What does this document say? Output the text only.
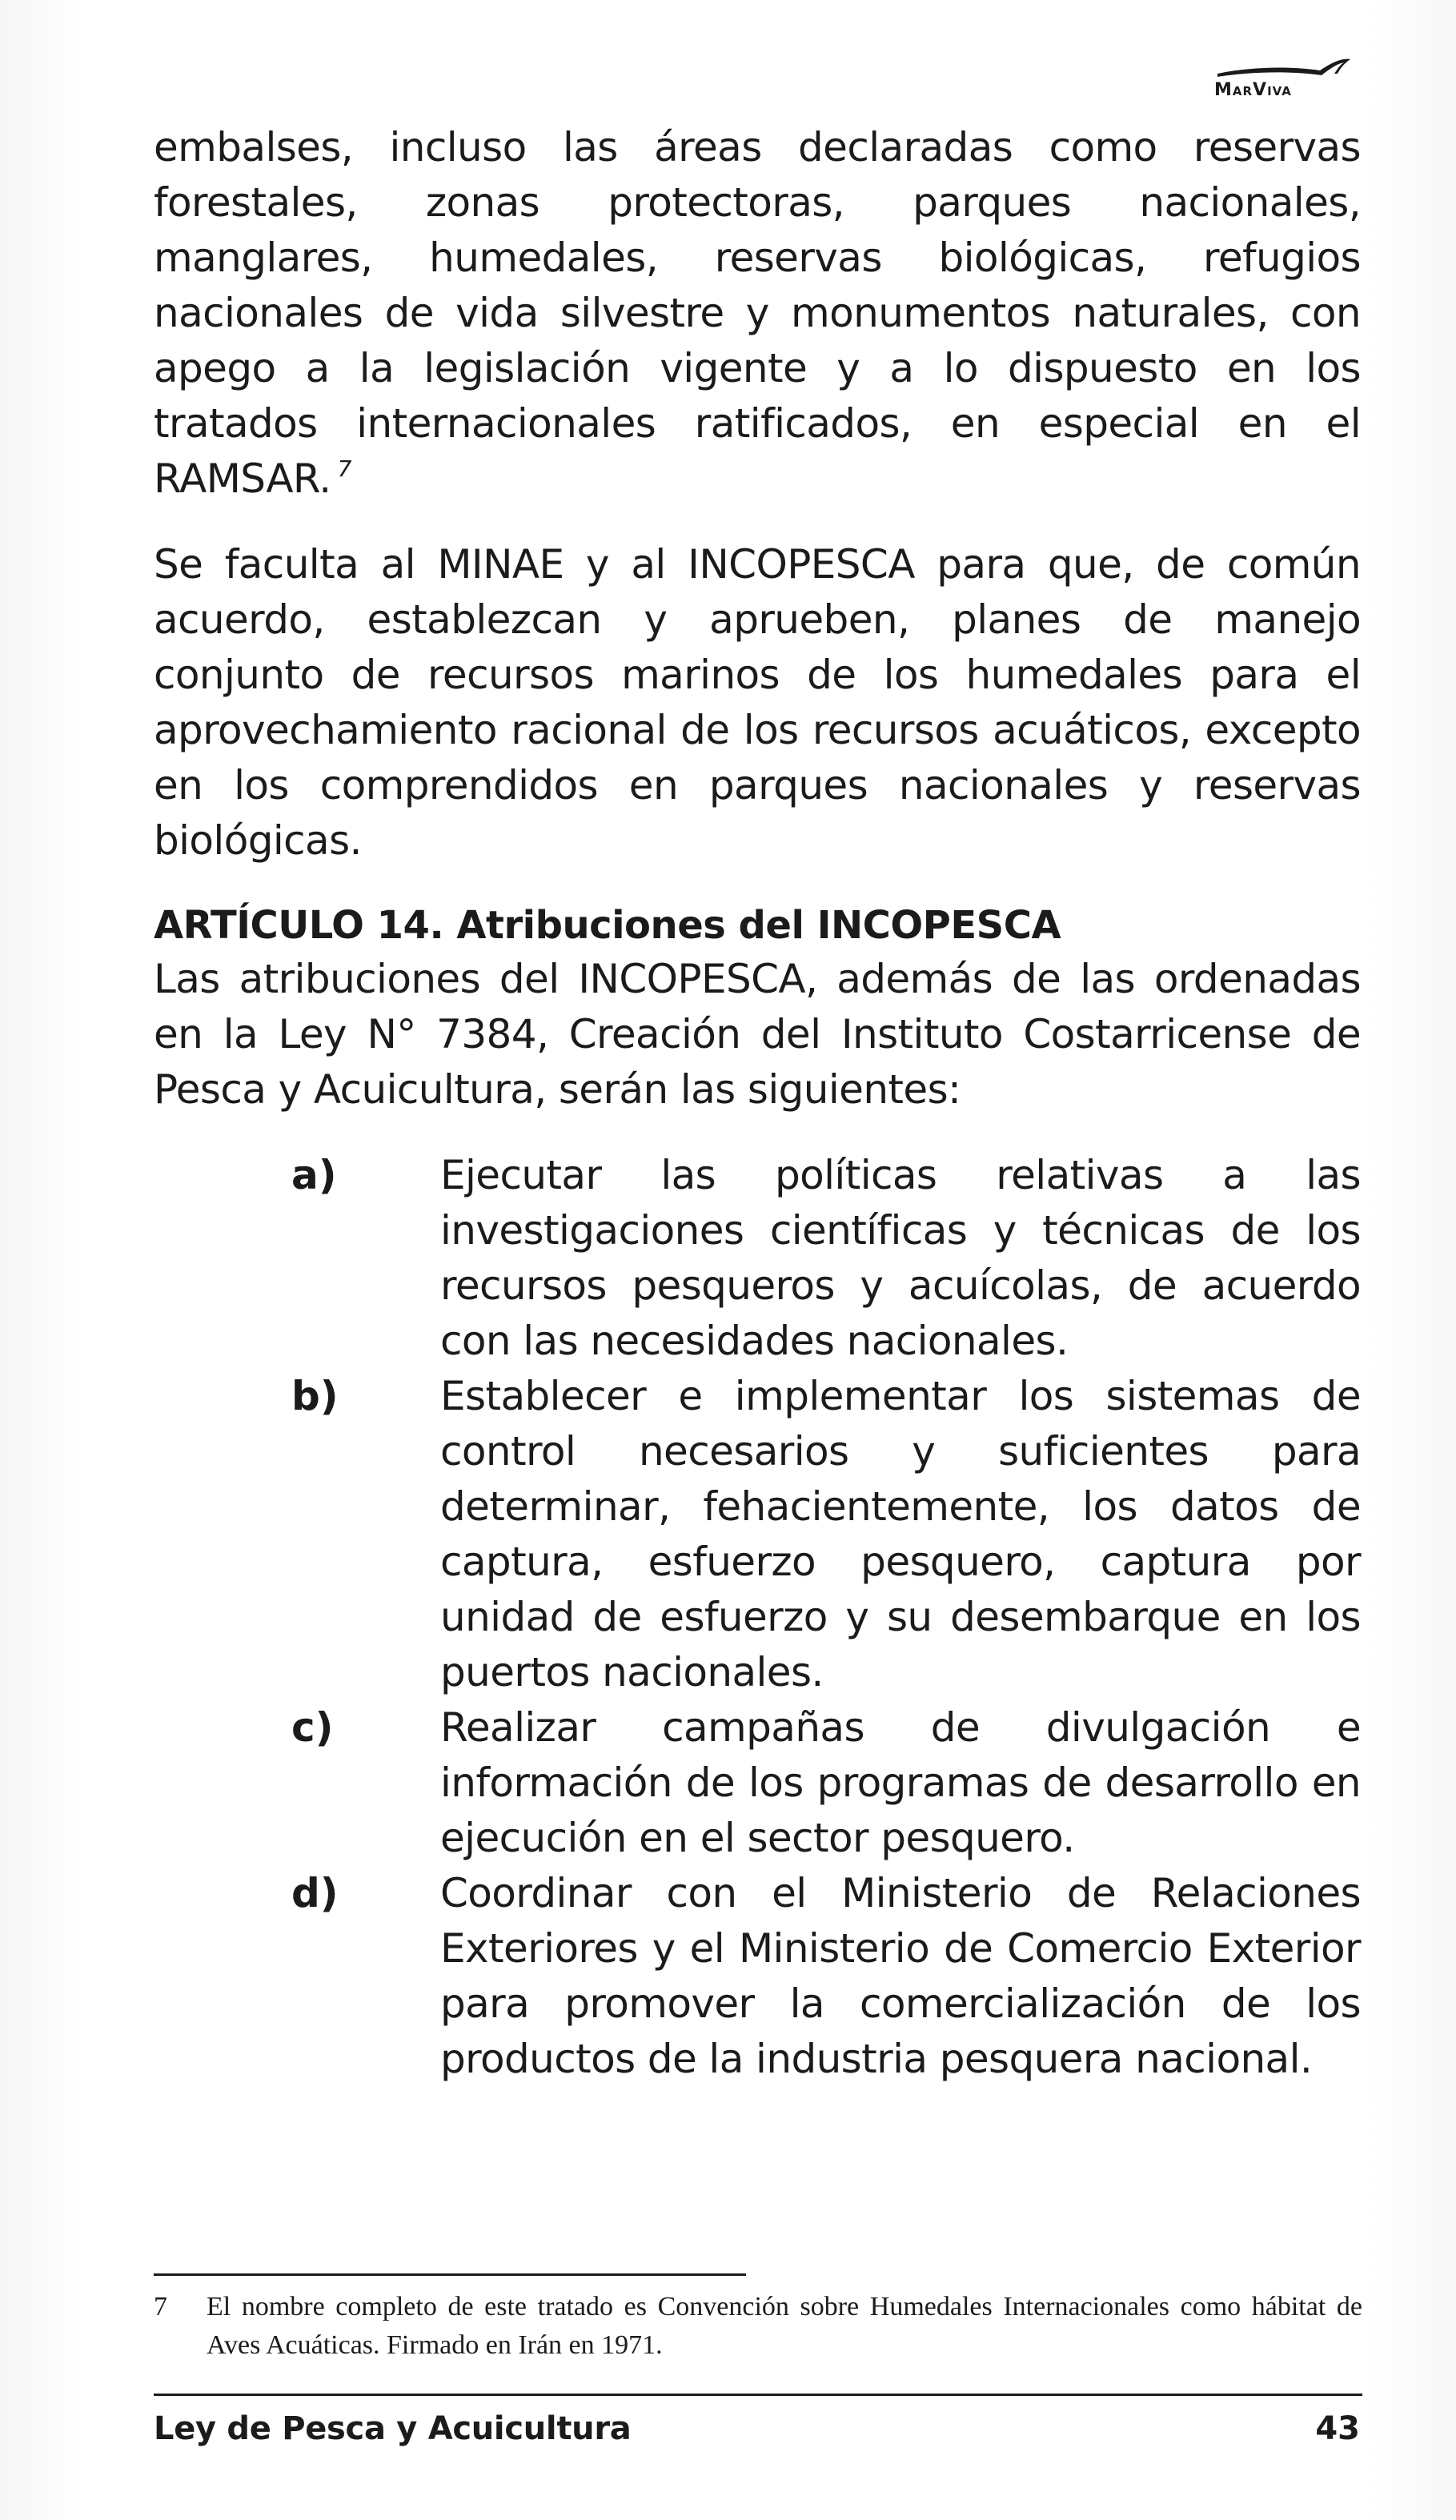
MarViva

embalses, incluso las áreas declaradas como reservas forestales, zonas protectoras, parques nacionales, manglares, humedales, reservas biológicas, refugios nacionales de vida silvestre y monumentos naturales, con apego a la legislación vigente y a lo dispuesto en los tratados internacionales ratificados, en especial en el RAMSAR. $^7$

Se faculta al MINAE y al INCOPESCA para que, de común acuerdo, establezcan y aprueben, planes de manejo conjunto de recursos marinos de los humedales para el aprovechamiento racional de los recursos acuáticos, excepto en los comprendidos en parques nacionales y reservas biológicas.

ARTÍCULO 14. Atribuciones del INCOPESCA

Las atribuciones del INCOPESCA, además de las ordenadas en la Ley N° 7384, Creación del Instituto Costarricense de Pesca y Acuicultura, serán las siguientes:

a)	Ejecutar las políticas relativas a las investigaciones científicas y técnicas de los recursos pesqueros y acuícolas, de acuerdo con las necesidades nacionales.
b)	Establecer e implementar los sistemas de control necesarios y suficientes para determinar, fehacientemente, los datos de captura, esfuerzo pesquero, captura por unidad de esfuerzo y su desembarque en los puertos nacionales.
c)	Realizar campañas de divulgación e información de los programas de desarrollo en ejecución en el sector pesquero.
d)	Coordinar con el Ministerio de Relaciones Exteriores y el Ministerio de Comercio Exterior para promover la comercialización de los productos de la industria pesquera nacional.
7	El nombre completo de este tratado es Convención sobre Humedales Internacionales como hábitat de Aves Acuáticas. Firmado en Irán en 1971.
Ley de Pesca y Acuicultura	43
